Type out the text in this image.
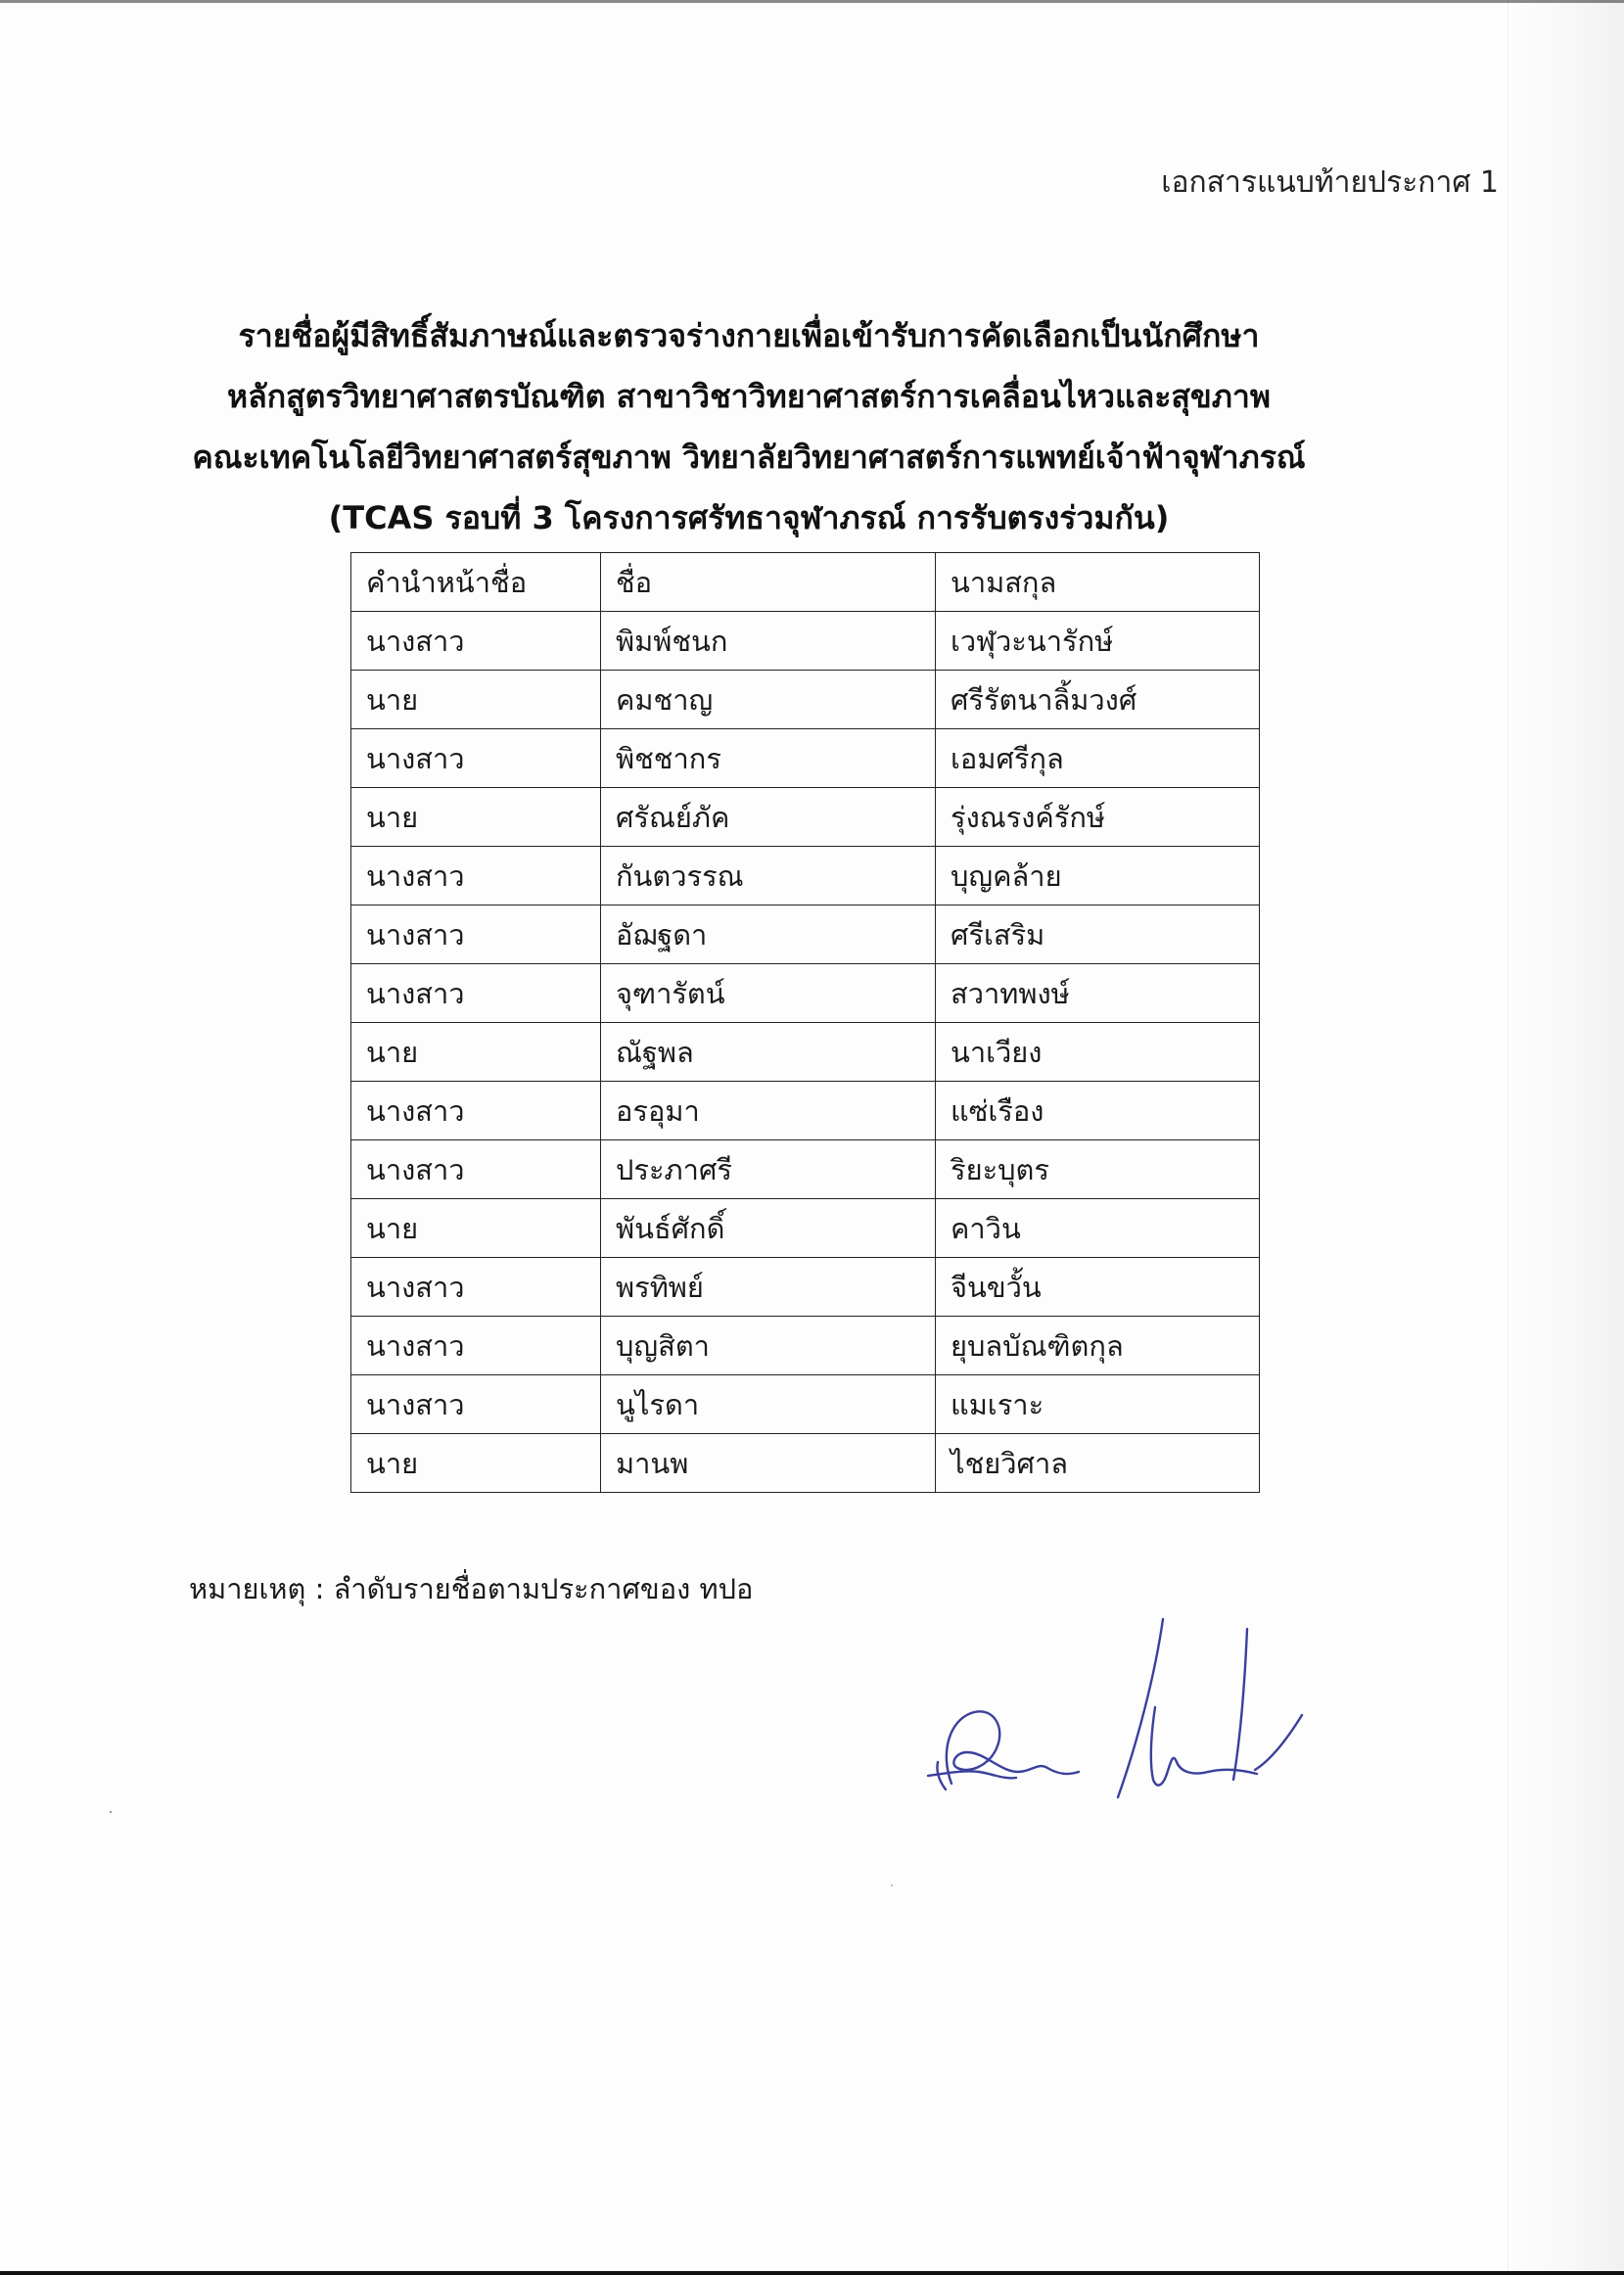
เอกสารแนบท้ายประกาศ 1
รายชื่อผู้มีสิทธิ์สัมภาษณ์และตรวจร่างกายเพื่อเข้ารับการคัดเลือกเป็นนักศึกษา
หลักสูตรวิทยาศาสตรบัณฑิต สาขาวิชาวิทยาศาสตร์การเคลื่อนไหวและสุขภาพ
คณะเทคโนโลยีวิทยาศาสตร์สุขภาพ วิทยาลัยวิทยาศาสตร์การแพทย์เจ้าฟ้าจุฬาภรณ์
(TCAS รอบที่ 3 โครงการศรัทธาจุฬาภรณ์ การรับตรงร่วมกัน)
คำนำหน้าชื่อ	ชื่อ	นามสกุล
นางสาว	พิมพ์ชนก	เวฬุวะนารักษ์
นาย	คมชาญ	ศรีรัตนาลิ้มวงศ์
นางสาว	พิชชากร	เอมศรีกุล
นาย	ศรัณย์ภัค	รุ่งณรงค์รักษ์
นางสาว	กันตวรรณ	บุญคล้าย
นางสาว	อัฌฐดา	ศรีเสริม
นางสาว	จุฑารัตน์	สวาทพงษ์
นาย	ณัฐพล	นาเวียง
นางสาว	อรอุมา	แซ่เรือง
นางสาว	ประภาศรี	ริยะบุตร
นาย	พันธ์ศักดิ์	คาวิน
นางสาว	พรทิพย์	จีนขวั้น
นางสาว	บุญสิตา	ยุบลบัณฑิตกุล
นางสาว	นูไรดา	แมเราะ
นาย	มานพ	ไชยวิศาล
หมายเหตุ : ลำดับรายชื่อตามประกาศของ ทปอ
